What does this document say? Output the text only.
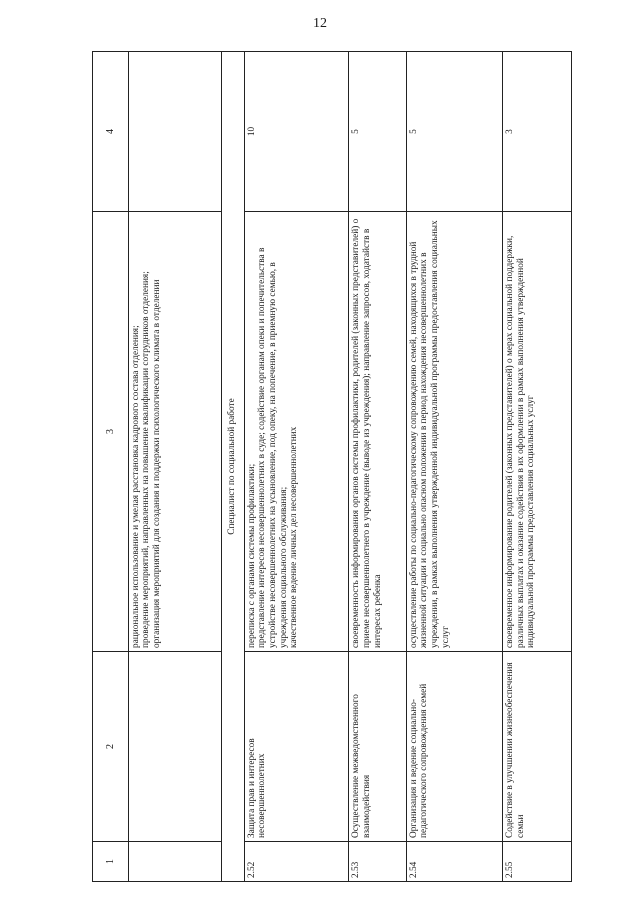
12
1	2	3	4

		рациональное использование и умелая расстановка кадрового состава отделения; проведение мероприятий, направленных на повышение квалификации сотрудников отделения; организация мероприятий для создания и поддержки психологического климата в отделении	

Специалист по социальной работе			
2.52	Защита прав и интересов несовершеннолетних	переписка с органами системы профилактики; представление интересов несовершеннолетних в суде; содействие органам опеки и попечительства в устройстве несовершеннолетних на усыновление, под опеку, на попечение, в приемную семью, в учреждения социального обслуживания; качественное ведение личных дел несовершеннолетних	10
2.53	Осуществление межведомственного взаимодействия	своевременность информирования органов системы профилактики, родителей (законных представителей) о приеме несовершеннолетнего в учреждение (выводе из учреждения); направление запросов, ходатайств в интересах ребенка	5
2.54	Организация и ведение социально-педагогического сопровождения семей	осуществление работы по социально-педагогическому сопровождению семей, находящихся в трудной жизненной ситуации и социально опасном положении в период нахождения несовершеннолетних в учреждении, в рамках выполнения утвержденной индивидуальной программы предоставления социальных услуг	5
2.55	Содействие в улучшении жизнеобеспечения семьи	своевременное информирование родителей (законных представителей) о мерах социальной поддержки, различных выплатах и оказание содействия в их оформлении в рамках выполнения утвержденной индивидуальной программы предоставления социальных услуг	3
